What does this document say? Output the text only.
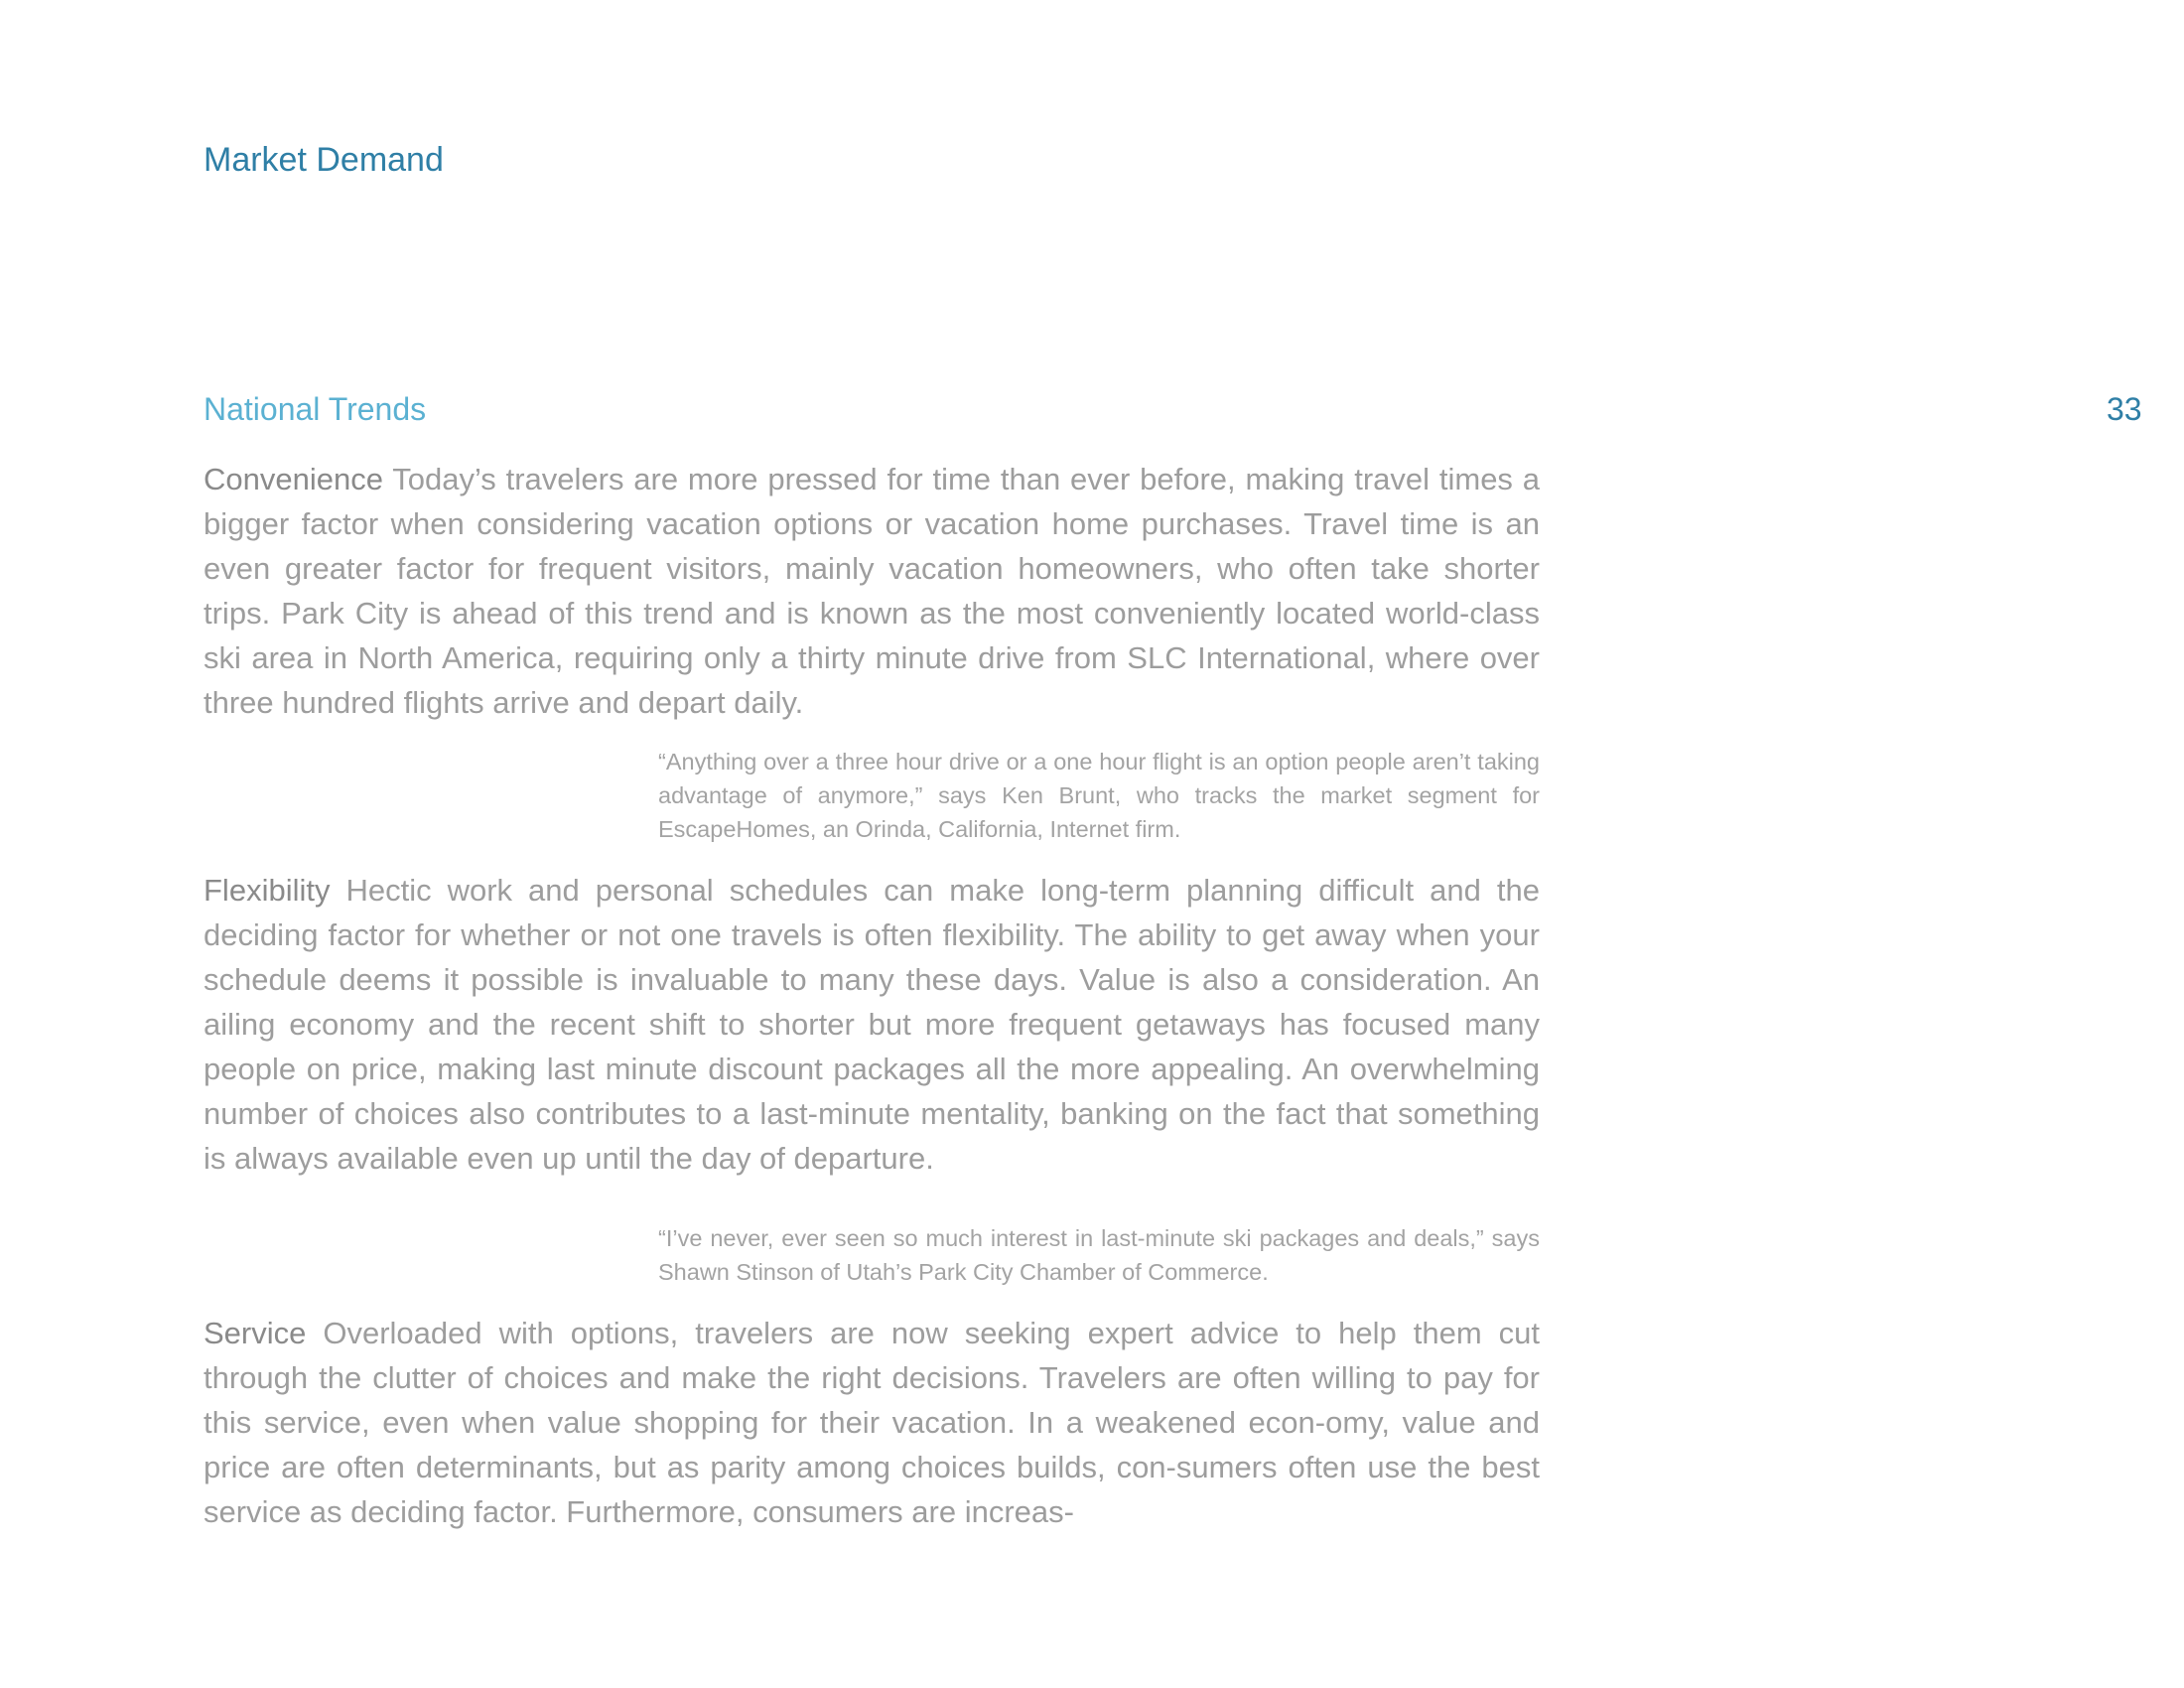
Market Demand
National Trends	33

Convenience Today’s travelers are more pressed for time than ever before, making travel times a bigger factor when considering vacation options or vacation home purchases. Travel time is an even greater factor for frequent visitors, mainly vacation homeowners, who often take shorter trips. Park City is ahead of this trend and is known as the most conveniently located world-class ski area in North America, requiring only a thirty minute drive from SLC International, where over three hundred flights arrive and depart daily.

“Anything over a three hour drive or a one hour flight is an option people aren’t taking advantage of anymore,” says Ken Brunt, who tracks the market segment for EscapeHomes, an Orinda, California, Internet firm.

Flexibility Hectic work and personal schedules can make long-term planning difficult and the deciding factor for whether or not one travels is often flexibility. The ability to get away when your schedule deems it possible is invaluable to many these days. Value is also a consideration. An ailing economy and the recent shift to shorter but more frequent getaways has focused many people on price, making last minute discount packages all the more appealing. An overwhelming number of choices also contributes to a last-minute mentality, banking on the fact that something is always available even up until the day of departure.

“I’ve never, ever seen so much interest in last-minute ski packages and deals,” says Shawn Stinson of Utah’s Park City Chamber of Commerce.

Service Overloaded with options, travelers are now seeking expert advice to help them cut through the clutter of choices and make the right decisions. Travelers are often willing to pay for this service, even when value shopping for their vacation. In a weakened econ-omy, value and price are often determinants, but as parity among choices builds, con-sumers often use the best service as deciding factor. Furthermore, consumers are increas-
